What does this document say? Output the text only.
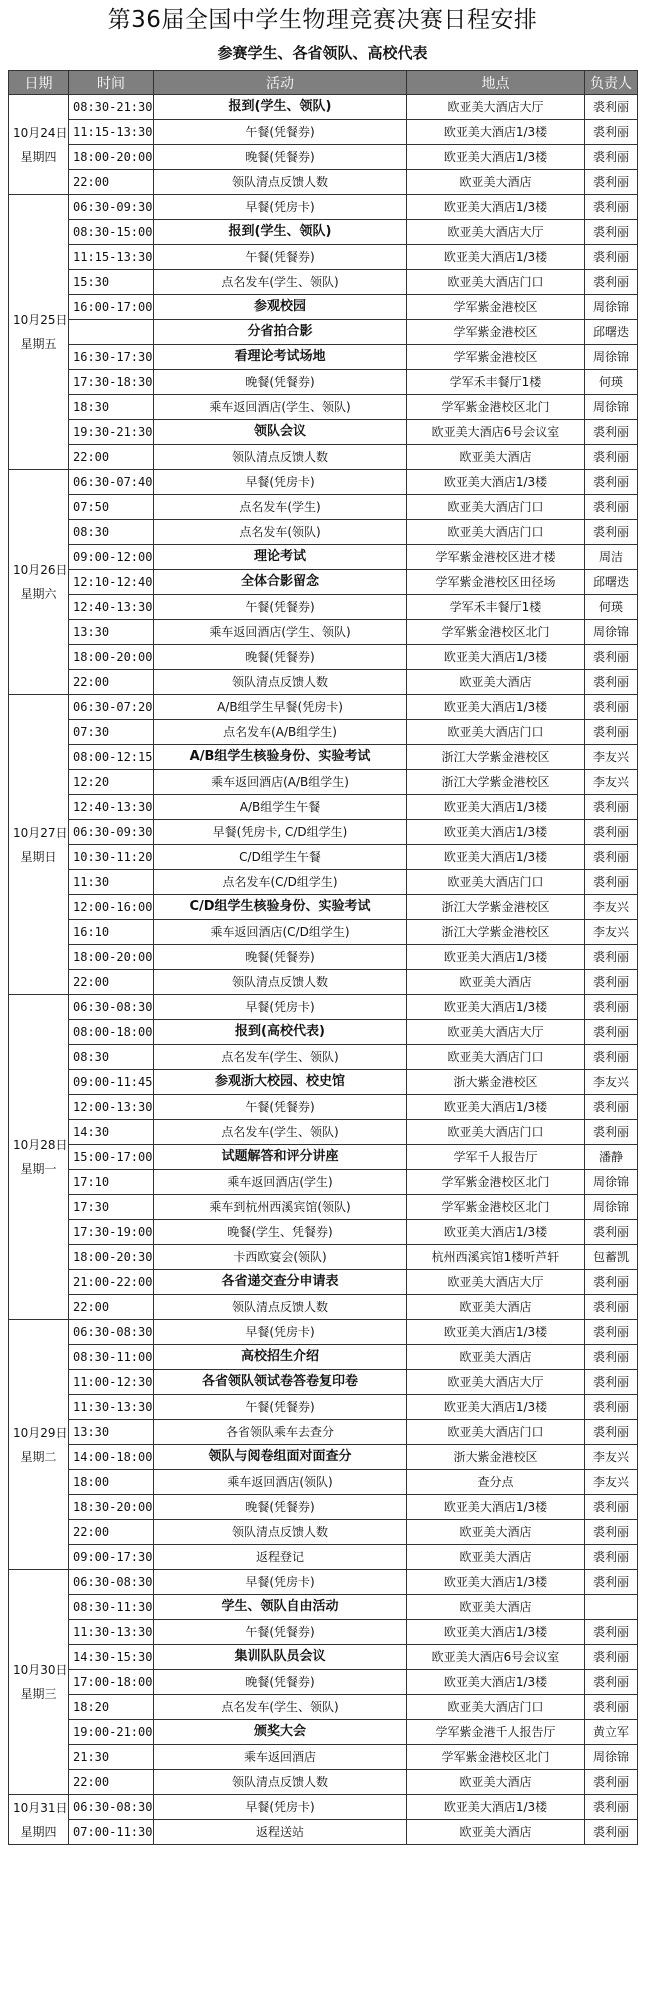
第36届全国中学生物理竞赛决赛日程安排
参赛学生、各省领队、高校代表
日期	时间	活动	地点	负责人

10月24日
星期四	08:30-21:30	报到(学生、领队)	欧亚美大酒店大厅	裘利丽
	11:15-13:30	午餐(凭餐券)	欧亚美大酒店1/3楼	裘利丽
	18:00-20:00	晚餐(凭餐券)	欧亚美大酒店1/3楼	裘利丽
	22:00	领队清点反馈人数	欧亚美大酒店	裘利丽

10月25日
星期五	06:30-09:30	早餐(凭房卡)	欧亚美大酒店1/3楼	裘利丽
	08:30-15:00	报到(学生、领队)	欧亚美大酒店大厅	裘利丽
	11:15-13:30	午餐(凭餐券)	欧亚美大酒店1/3楼	裘利丽
	15:30	点名发车(学生、领队)	欧亚美大酒店门口	裘利丽
	16:00-17:00	参观校园	学军紫金港校区	周徐锦
		分省拍合影	学军紫金港校区	邱曙迭
	16:30-17:30	看理论考试场地	学军紫金港校区	周徐锦
	17:30-18:30	晚餐(凭餐券)	学军禾丰餐厅1楼	何瑛
	18:30	乘车返回酒店(学生、领队)	学军紫金港校区北门	周徐锦
	19:30-21:30	领队会议	欧亚美大酒店6号会议室	裘利丽
	22:00	领队清点反馈人数	欧亚美大酒店	裘利丽

10月26日
星期六	06:30-07:40	早餐(凭房卡)	欧亚美大酒店1/3楼	裘利丽
	07:50	点名发车(学生)	欧亚美大酒店门口	裘利丽
	08:30	点名发车(领队)	欧亚美大酒店门口	裘利丽
	09:00-12:00	理论考试	学军紫金港校区进才楼	周洁
	12:10-12:40	全体合影留念	学军紫金港校区田径场	邱曙迭
	12:40-13:30	午餐(凭餐券)	学军禾丰餐厅1楼	何瑛
	13:30	乘车返回酒店(学生、领队)	学军紫金港校区北门	周徐锦
	18:00-20:00	晚餐(凭餐券)	欧亚美大酒店1/3楼	裘利丽
	22:00	领队清点反馈人数	欧亚美大酒店	裘利丽

10月27日
星期日	06:30-07:20	A/B组学生早餐(凭房卡)	欧亚美大酒店1/3楼	裘利丽
	07:30	点名发车(A/B组学生)	欧亚美大酒店门口	裘利丽
	08:00-12:15	A/B组学生核验身份、实验考试	浙江大学紫金港校区	李友兴
	12:20	乘车返回酒店(A/B组学生)	浙江大学紫金港校区	李友兴
	12:40-13:30	A/B组学生午餐	欧亚美大酒店1/3楼	裘利丽
	06:30-09:30	早餐(凭房卡, C/D组学生)	欧亚美大酒店1/3楼	裘利丽
	10:30-11:20	C/D组学生午餐	欧亚美大酒店1/3楼	裘利丽
	11:30	点名发车(C/D组学生)	欧亚美大酒店门口	裘利丽
	12:00-16:00	C/D组学生核验身份、实验考试	浙江大学紫金港校区	李友兴
	16:10	乘车返回酒店(C/D组学生)	浙江大学紫金港校区	李友兴
	18:00-20:00	晚餐(凭餐券)	欧亚美大酒店1/3楼	裘利丽
	22:00	领队清点反馈人数	欧亚美大酒店	裘利丽

10月28日
星期一	06:30-08:30	早餐(凭房卡)	欧亚美大酒店1/3楼	裘利丽
	08:00-18:00	报到(高校代表)	欧亚美大酒店大厅	裘利丽
	08:30	点名发车(学生、领队)	欧亚美大酒店门口	裘利丽
	09:00-11:45	参观浙大校园、校史馆	浙大紫金港校区	李友兴
	12:00-13:30	午餐(凭餐券)	欧亚美大酒店1/3楼	裘利丽
	14:30	点名发车(学生、领队)	欧亚美大酒店门口	裘利丽
	15:00-17:00	试题解答和评分讲座	学军千人报告厅	潘静
	17:10	乘车返回酒店(学生)	学军紫金港校区北门	周徐锦
	17:30	乘车到杭州西溪宾馆(领队)	学军紫金港校区北门	周徐锦
	17:30-19:00	晚餐(学生、凭餐券)	欧亚美大酒店1/3楼	裘利丽
	18:00-20:30	卡西欧宴会(领队)	杭州西溪宾馆1楼听芦轩	包蓄凯
	21:00-22:00	各省递交查分申请表	欧亚美大酒店大厅	裘利丽
	22:00	领队清点反馈人数	欧亚美大酒店	裘利丽

10月29日
星期二	06:30-08:30	早餐(凭房卡)	欧亚美大酒店1/3楼	裘利丽
	08:30-11:00	高校招生介绍	欧亚美大酒店	裘利丽
	11:00-12:30	各省领队领试卷答卷复印卷	欧亚美大酒店大厅	裘利丽
	11:30-13:30	午餐(凭餐券)	欧亚美大酒店1/3楼	裘利丽
	13:30	各省领队乘车去查分	欧亚美大酒店门口	裘利丽
	14:00-18:00	领队与阅卷组面对面查分	浙大紫金港校区	李友兴
	18:00	乘车返回酒店(领队)	查分点	李友兴
	18:30-20:00	晚餐(凭餐券)	欧亚美大酒店1/3楼	裘利丽
	22:00	领队清点反馈人数	欧亚美大酒店	裘利丽
	09:00-17:30	返程登记	欧亚美大酒店	裘利丽

10月30日
星期三	06:30-08:30	早餐(凭房卡)	欧亚美大酒店1/3楼	裘利丽
	08:30-11:30	学生、领队自由活动	欧亚美大酒店	
	11:30-13:30	午餐(凭餐券)	欧亚美大酒店1/3楼	裘利丽
	14:30-15:30	集训队队员会议	欧亚美大酒店6号会议室	裘利丽
	17:00-18:00	晚餐(凭餐券)	欧亚美大酒店1/3楼	裘利丽
	18:20	点名发车(学生、领队)	欧亚美大酒店门口	裘利丽
	19:00-21:00	颁奖大会	学军紫金港千人报告厅	黄立军
	21:30	乘车返回酒店	学军紫金港校区北门	周徐锦
	22:00	领队清点反馈人数	欧亚美大酒店	裘利丽

10月31日
星期四	06:30-08:30	早餐(凭房卡)	欧亚美大酒店1/3楼	裘利丽
	07:00-11:30	返程送站	欧亚美大酒店	裘利丽
